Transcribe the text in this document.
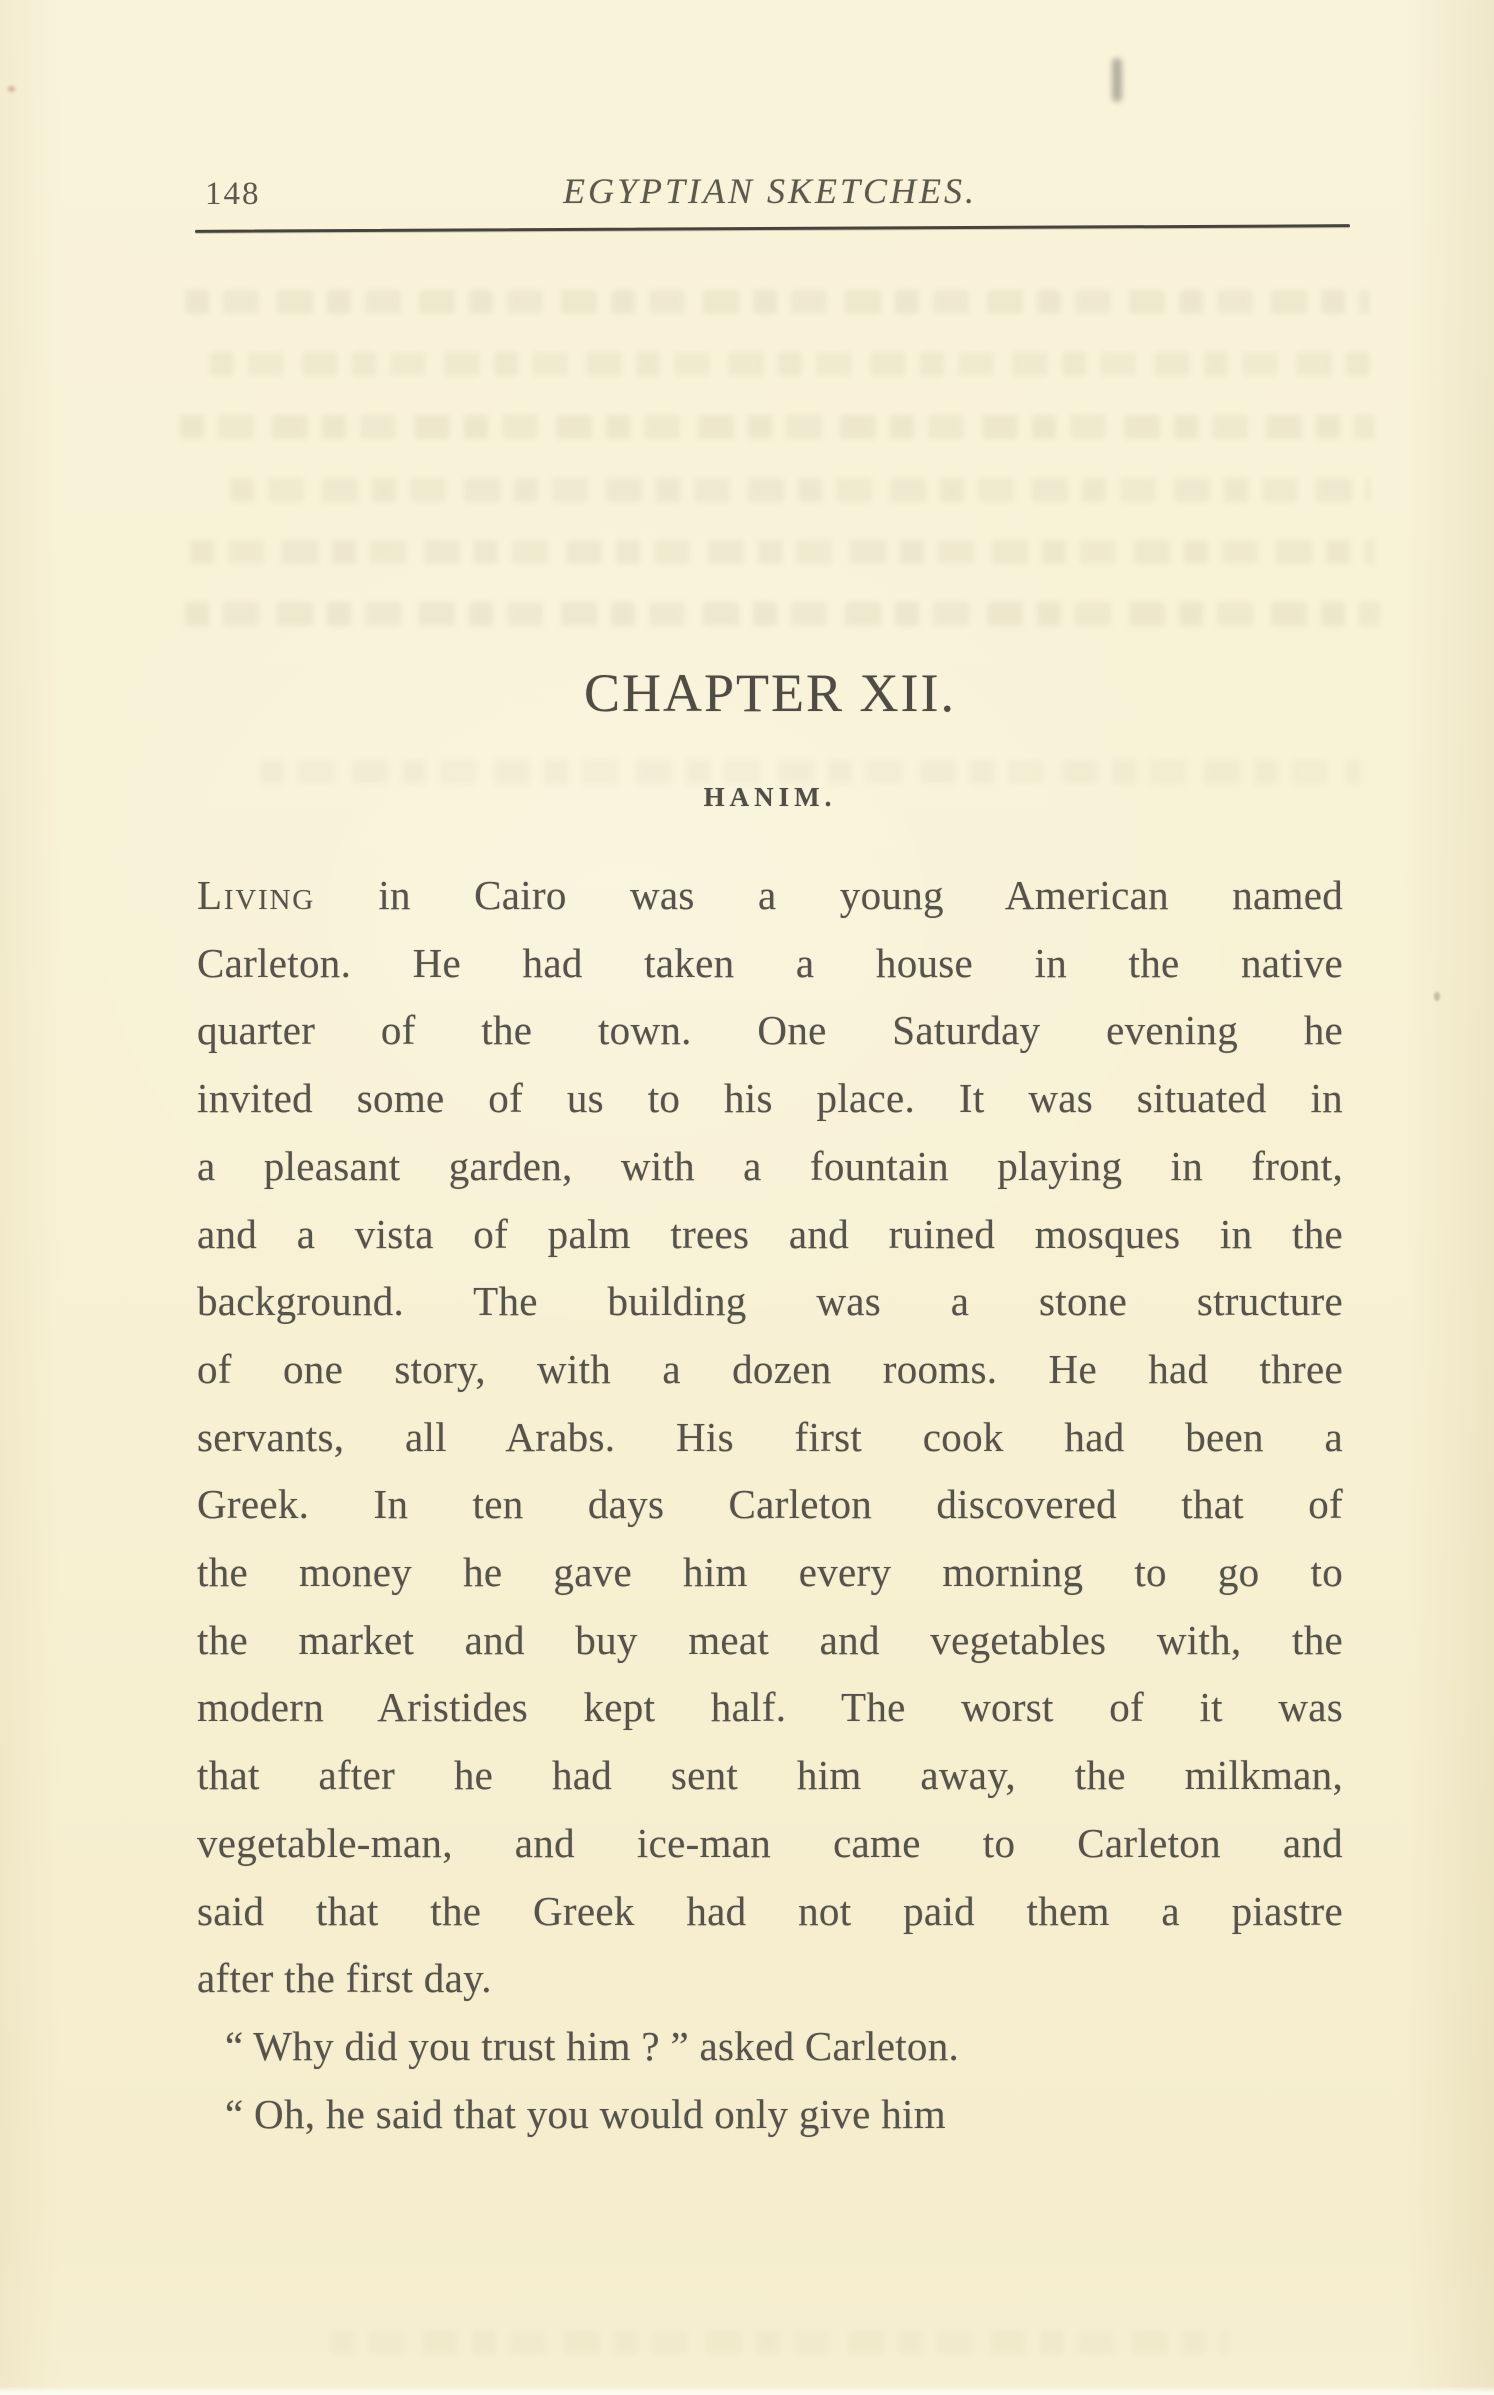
148	EGYPTIAN SKETCHES.
CHAPTER XII.
HANIM.
Living in Cairo was a young American named
Carleton. He had taken a house in the native
quarter of the town. One Saturday evening he
invited some of us to his place. It was situated in
a pleasant garden, with a fountain playing in front,
and a vista of palm trees and ruined mosques in the
background. The building was a stone structure
of one story, with a dozen rooms. He had three
servants, all Arabs. His first cook had been a
Greek. In ten days Carleton discovered that of
the money he gave him every morning to go to
the market and buy meat and vegetables with, the
modern Aristides kept half. The worst of it was
that after he had sent him away, the milkman,
vegetable-man, and ice-man came to Carleton and
said that the Greek had not paid them a piastre
after the first day.
“ Why did you trust him ? ” asked Carleton.
“ Oh, he said that you would only give him
